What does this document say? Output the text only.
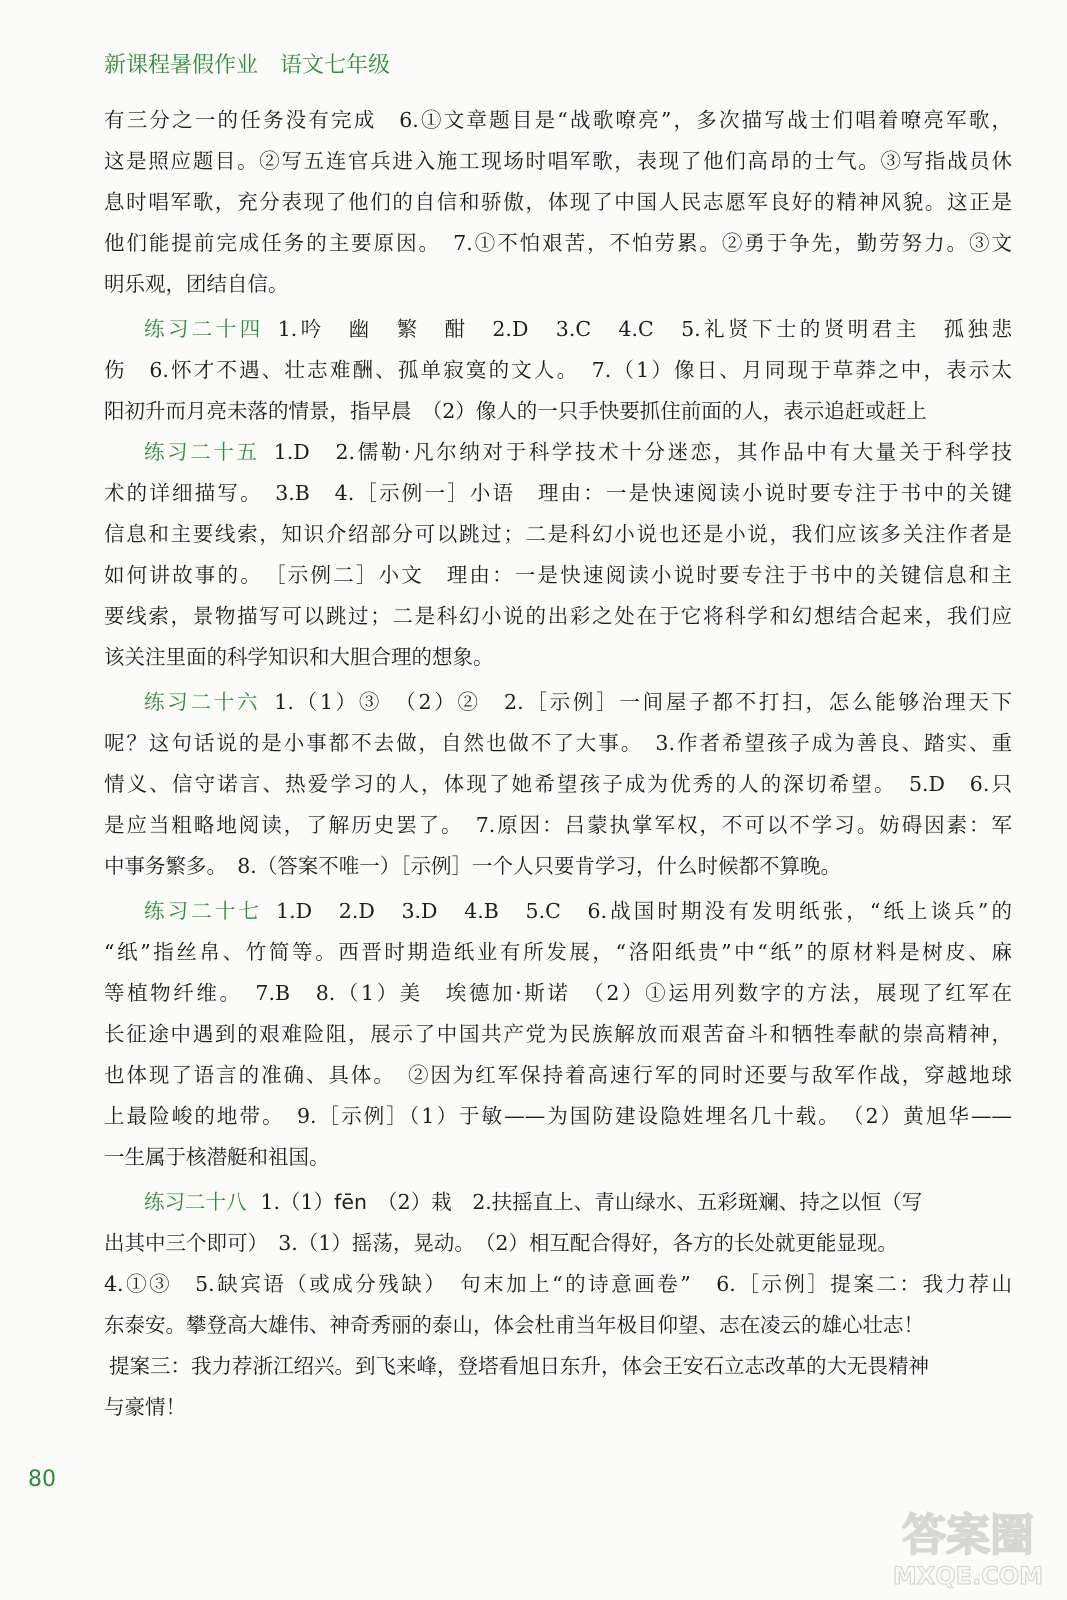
新课程暑假作业 语文七年级
有三分之一的任务没有完成　6.①文章题目是“战歌嘹亮”，多次描写战士们唱着嘹亮军歌，
这是照应题目。②写五连官兵进入施工现场时唱军歌，表现了他们高昂的士气。③写指战员休
息时唱军歌，充分表现了他们的自信和骄傲，体现了中国人民志愿军良好的精神风貌。这正是
他们能提前完成任务的主要原因。　7.①不怕艰苦，不怕劳累。②勇于争先，勤劳努力。③文
明乐观，团结自信。
练习二十四 1.吟　幽　繁　酣　2.D　3.C　4.C　5.礼贤下士的贤明君主　孤独悲
伤　6.怀才不遇、壮志难酬、孤单寂寞的文人。　7.（1）像日、月同现于草莽之中，表示太
阳初升而月亮未落的情景，指早晨　（2）像人的一只手快要抓住前面的人，表示追赶或赶上
练习二十五 1.D　2.儒勒·凡尔纳对于科学技术十分迷恋，其作品中有大量关于科学技
术的详细描写。　3.B　4.［示例一］小语　理由：一是快速阅读小说时要专注于书中的关键
信息和主要线索，知识介绍部分可以跳过；二是科幻小说也还是小说，我们应该多关注作者是
如何讲故事的。　［示例二］小文　理由：一是快速阅读小说时要专注于书中的关键信息和主
要线索，景物描写可以跳过；二是科幻小说的出彩之处在于它将科学和幻想结合起来，我们应
该关注里面的科学知识和大胆合理的想象。
练习二十六 1.（1）③　（2）②　2.［示例］一间屋子都不打扫，怎么能够治理天下
呢？这句话说的是小事都不去做，自然也做不了大事。　3.作者希望孩子成为善良、踏实、重
情义、信守诺言、热爱学习的人，体现了她希望孩子成为优秀的人的深切希望。　5.D　6.只
是应当粗略地阅读，了解历史罢了。　7.原因：吕蒙执掌军权，不可以不学习。妨碍因素：军
中事务繁多。　8.（答案不唯一）［示例］一个人只要肯学习，什么时候都不算晚。
练习二十七 1.D　2.D　3.D　4.B　5.C　6.战国时期没有发明纸张，“纸上谈兵”的
“纸”指丝帛、竹简等。西晋时期造纸业有所发展，“洛阳纸贵”中“纸”的原材料是树皮、麻
等植物纤维。　7.B　8.（1）美　埃德加·斯诺　（2）①运用列数字的方法，展现了红军在
长征途中遇到的艰难险阻，展示了中国共产党为民族解放而艰苦奋斗和牺牲奉献的崇高精神，
也体现了语言的准确、具体。　②因为红军保持着高速行军的同时还要与敌军作战，穿越地球
上最险峻的地带。　9.［示例］（1）于敏——为国防建设隐姓埋名几十载。　（2）黄旭华——
一生属于核潜艇和祖国。
练习二十八 1.（1）fēn　（2）栽　2.扶摇直上、青山绿水、五彩斑斓、持之以恒（写
出其中三个即可）　3.（1）摇荡，晃动。　（2）相互配合得好，各方的长处就更能显现。
4.①③　5.缺宾语（或成分残缺）　句末加上“的诗意画卷”　6.［示例］提案二：我力荐山
东泰安。攀登高大雄伟、神奇秀丽的泰山，体会杜甫当年极目仰望、志在凌云的雄心壮志！
提案三：我力荐浙江绍兴。到飞来峰，登塔看旭日东升，体会王安石立志改革的大无畏精神
与豪情！
80
答案圈
MXQE.COM
